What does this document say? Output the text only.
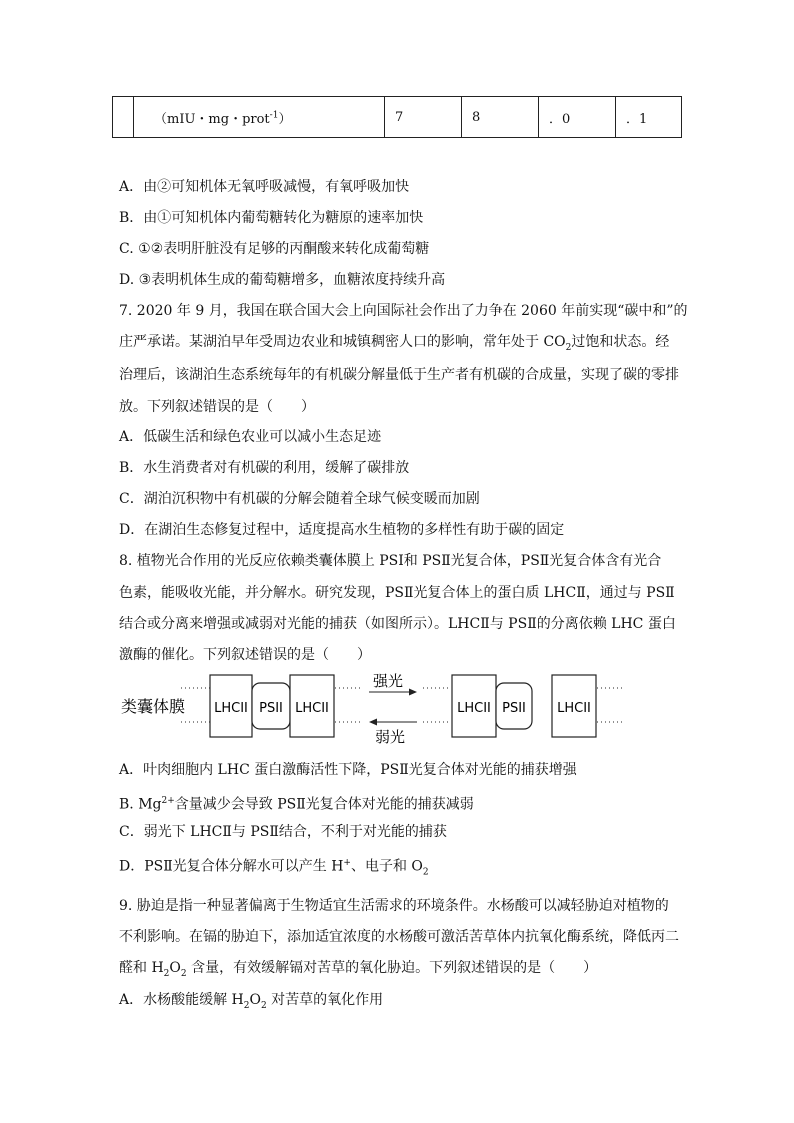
	（mIU・mg・prot$^{-1}$）	7	8	．0	．1
A．由②可知机体无氧呼吸减慢，有氧呼吸加快
B．由①可知机体内葡萄糖转化为糖原的速率加快
C. ①②表明肝脏没有足够的丙酮酸来转化成葡萄糖
D. ③表明机体生成的葡萄糖增多，血糖浓度持续升高
7. 2020 年 9 月，我国在联合国大会上向国际社会作出了力争在 2060 年前实现“碳中和”的
庄严承诺。某湖泊早年受周边农业和城镇稠密人口的影响，常年处于 $CO_2$过饱和状态。经
治理后，该湖泊生态系统每年的有机碳分解量低于生产者有机碳的合成量，实现了碳的零排
放。下列叙述错误的是（　　）
A．低碳生活和绿色农业可以减小生态足迹
B．水生消费者对有机碳的利用，缓解了碳排放
C．湖泊沉积物中有机碳的分解会随着全球气候变暖而加剧
D．在湖泊生态修复过程中，适度提高水生植物的多样性有助于碳的固定
8. 植物光合作用的光反应依赖类囊体膜上 PSⅠ和 PSⅡ光复合体，PSⅡ光复合体含有光合
色素，能吸收光能，并分解水。研究发现，PSⅡ光复合体上的蛋白质 LHCⅡ，通过与 PSⅡ
结合或分离来增强或减弱对光能的捕获（如图所示）。LHCⅡ与 PSⅡ的分离依赖 LHC 蛋白
激酶的催化。下列叙述错误的是（　　）
类囊体膜 LHCII PSII LHCII
强光
弱光
LHCII PSII LHCII
A．叶肉细胞内 LHC 蛋白激酶活性下降，PSⅡ光复合体对光能的捕获增强
B. $Mg^{2+}$含量减少会导致 PSⅡ光复合体对光能的捕获减弱
C．弱光下 LHCⅡ与 PSⅡ结合，不利于对光能的捕获
D．PSⅡ光复合体分解水可以产生 H+、电子和 $O_2$
9. 胁迫是指一种显著偏离于生物适宜生活需求的环境条件。水杨酸可以减轻胁迫对植物的
不利影响。在镉的胁迫下，添加适宜浓度的水杨酸可激活苦草体内抗氧化酶系统，降低丙二
醛和 $H_2O_2$ 含量，有效缓解镉对苦草的氧化胁迫。下列叙述错误的是（　　）
A．水杨酸能缓解 $H_2O_2$ 对苦草的氧化作用
